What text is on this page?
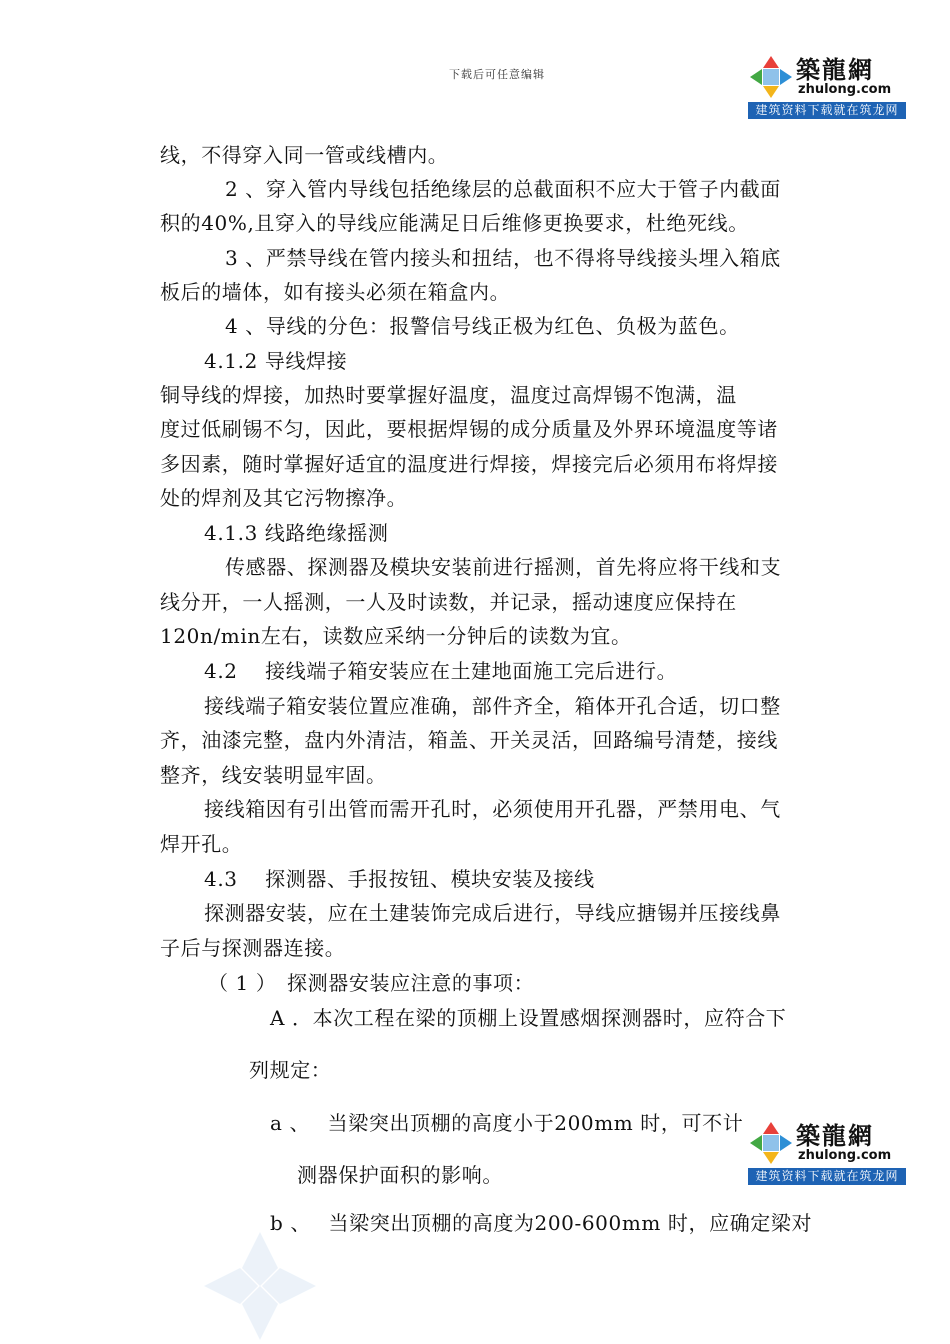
下载后可任意编辑	築龍網
zhulong.com
建筑资料下载就在筑龙网
築龍網
zhulong.com
建筑资料下载就在筑龙网
线，不得穿入同一管或线槽内。
2 、穿入管内导线包括绝缘层的总截面积不应大于管子内截面
积的40%,且穿入的导线应能满足日后维修更换要求，杜绝死线。
3 、严禁导线在管内接头和扭结，也不得将导线接头埋入箱底
板后的墙体，如有接头必须在箱盒内。
4 、导线的分色：报警信号线正极为红色、负极为蓝色。
4.1.2 导线焊接
铜导线的焊接，加热时要掌握好温度，温度过高焊锡不饱满，温
度过低刷锡不匀，因此，要根据焊锡的成分质量及外界环境温度等诸
多因素，随时掌握好适宜的温度进行焊接，焊接完后必须用布将焊接
处的焊剂及其它污物擦净。
4.1.3 线路绝缘摇测
传感器、探测器及模块安装前进行摇测，首先将应将干线和支
线分开，一人摇测，一人及时读数，并记录，摇动速度应保持在
120n/min左右，读数应采纳一分钟后的读数为宜。
4.2　 接线端子箱安装应在土建地面施工完后进行。
接线端子箱安装位置应准确，部件齐全，箱体开孔合适，切口整
齐，油漆完整，盘内外清洁，箱盖、开关灵活，回路编号清楚，接线
整齐，线安装明显牢固。
接线箱因有引出管而需开孔时，必须使用开孔器，严禁用电、气
焊开孔。
4.3　 探测器、手报按钮、模块安装及接线
探测器安装，应在土建装饰完成后进行，导线应搪锡并压接线鼻
子后与探测器连接。
（ 1 ）　探测器安装应注意的事项：
A ．本次工程在梁的顶棚上设置感烟探测器时，应符合下
列规定：
a 、　 当梁突出顶棚的高度小于200mm 时，可不计
测器保护面积的影响。
b 、　 当梁突出顶棚的高度为200-600mm 时，应确定梁对
